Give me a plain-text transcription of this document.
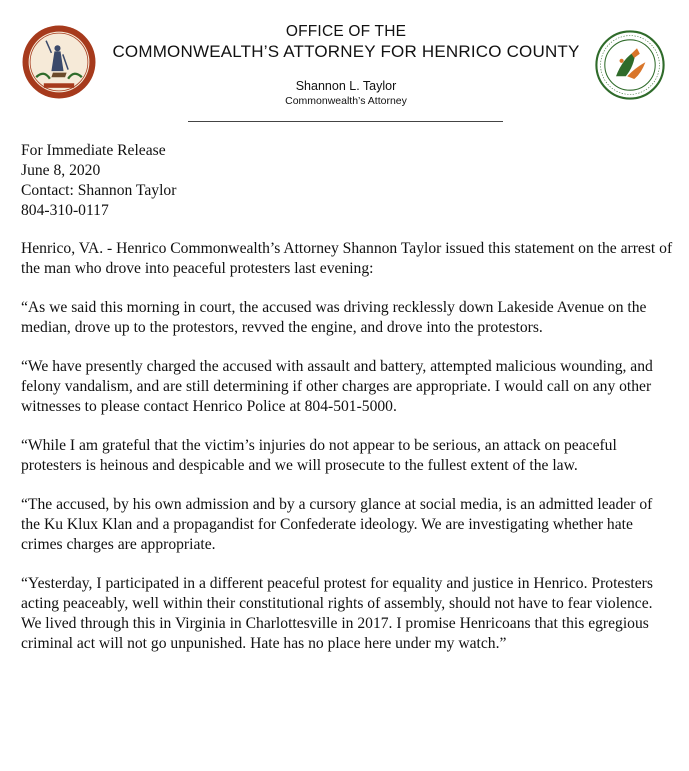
OFFICE OF THE
COMMONWEALTH’S ATTORNEY FOR HENRICO COUNTY
Shannon L. Taylor
Commonwealth’s Attorney
For Immediate Release
June 8, 2020
Contact: Shannon Taylor
804-310-0117

Henrico, VA. - Henrico Commonwealth’s Attorney Shannon Taylor issued this statement on the arrest of the man who drove into peaceful protesters last evening:

“As we said this morning in court, the accused was driving recklessly down Lakeside Avenue on the median, drove up to the protestors, revved the engine, and drove into the protestors.

“We have presently charged the accused with assault and battery, attempted malicious wounding, and felony vandalism, and are still determining if other charges are appropriate. I would call on any other witnesses to please contact Henrico Police at 804-501-5000.

“While I am grateful that the victim’s injuries do not appear to be serious, an attack on peaceful protesters is heinous and despicable and we will prosecute to the fullest extent of the law.

“The accused, by his own admission and by a cursory glance at social media, is an admitted leader of the Ku Klux Klan and a propagandist for Confederate ideology. We are investigating whether hate crimes charges are appropriate.

“Yesterday, I participated in a different peaceful protest for equality and justice in Henrico. Protesters acting peaceably, well within their constitutional rights of assembly, should not have to fear violence. We lived through this in Virginia in Charlottesville in 2017. I promise Henricoans that this egregious criminal act will not go unpunished. Hate has no place here under my watch.”
